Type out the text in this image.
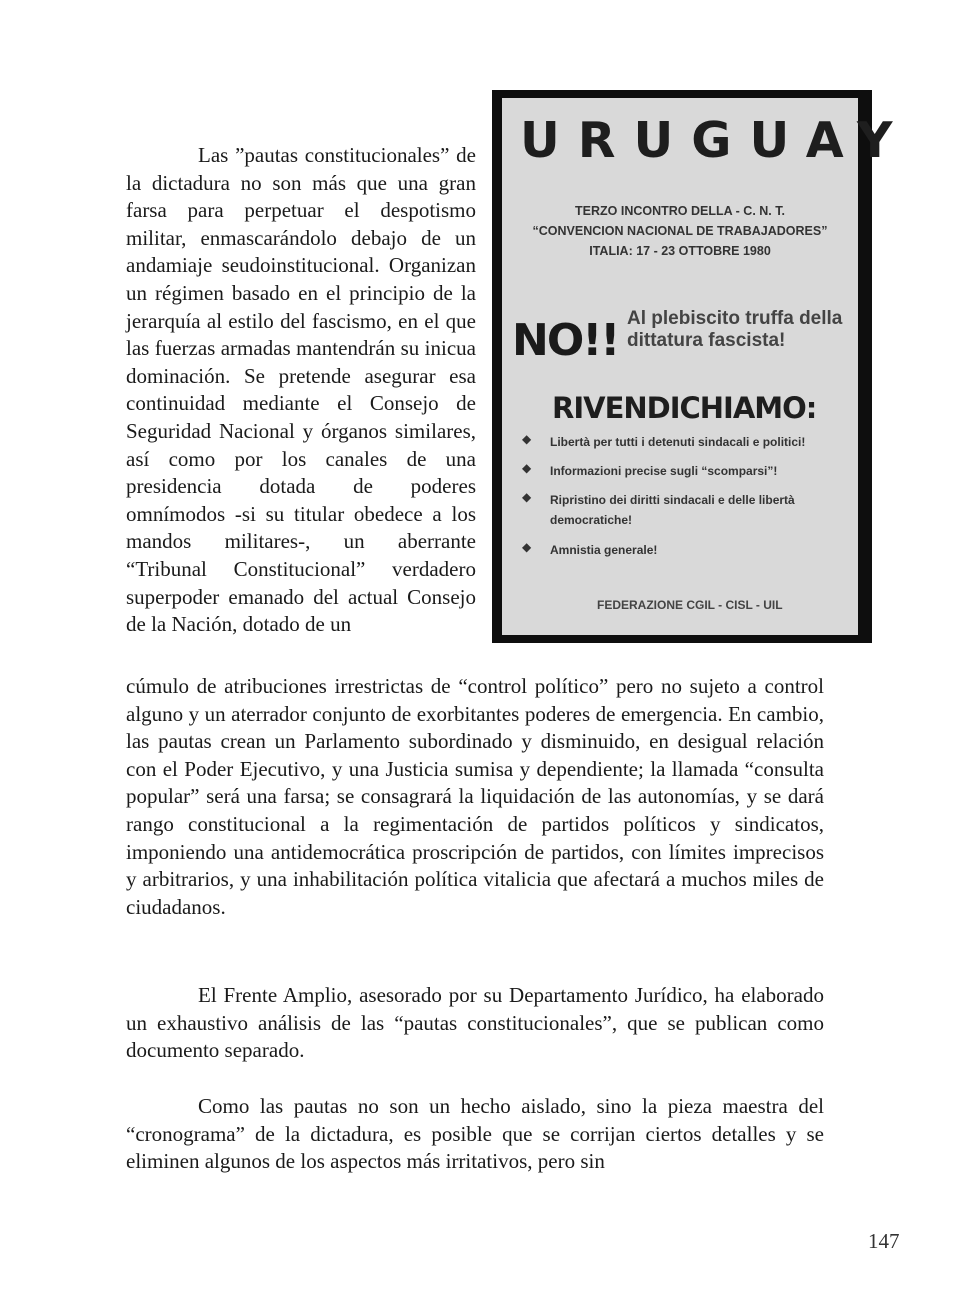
Las ”pautas constitucionales” de la dictadura no son más que una gran farsa para perpetuar el despotismo militar, enmascarándolo debajo de un andamiaje seudoinstitucional. Organizan un régimen basado en el principio de la jerarquía al estilo del fascismo, en el que las fuerzas armadas mantendrán su inicua dominación. Se pretende asegurar esa continuidad mediante el Consejo de Seguridad Nacional y órganos similares, así como por los canales de una presidencia dotada de poderes omnímodos -si su titular obedece a los mandos militares-, un aberrante “Tribunal Constitucional” verdadero superpoder emanado del actual Consejo de la Nación, dotado de un

cúmulo de atribuciones irrestrictas de “control político” pero no sujeto a control alguno y un aterrador conjunto de exorbitantes poderes de emergencia. En cambio, las pautas crean un Parlamento subordinado y disminuido, en desigual relación con el Poder Ejecutivo, y una Justicia sumisa y dependiente; la llamada “consulta popular” será una farsa; se consagrará la liquidación de las autonomías, y se dará rango constitucional a la regimentación de partidos políticos y sindicatos, imponiendo una antidemocrática proscripción de partidos, con límites imprecisos y arbitrarios, y una inhabilitación política vitalicia que afectará a muchos miles de ciudadanos.

El Frente Amplio, asesorado por su Departamento Jurídico, ha elaborado un exhaustivo análisis de las “pautas constitucionales”, que se publican como documento separado.

Como las pautas no son un hecho aislado, sino la pieza maestra del “cronograma” de la dictadura, es posible que se corrijan ciertos detalles y se eliminen algunos de los aspectos más irritativos, pero sin

URUGUAY
TERZO INCONTRO DELLA - C. N. T.
“CONVENCION NACIONAL DE TRABAJADORES”
ITALIA: 17 - 23 OTTOBRE 1980
NO!! Al plebiscito truffa della
dittatura fascista!
RIVENDICHIAMO:
◆ Libertà per tutti i detenuti sindacali e politici!
◆ Informazioni precise sugli “scomparsi”!
◆ Ripristino dei diritti sindacali e delle libertà democratiche!
◆ Amnistia generale!
FEDERAZIONE CGIL - CISL - UIL
147
